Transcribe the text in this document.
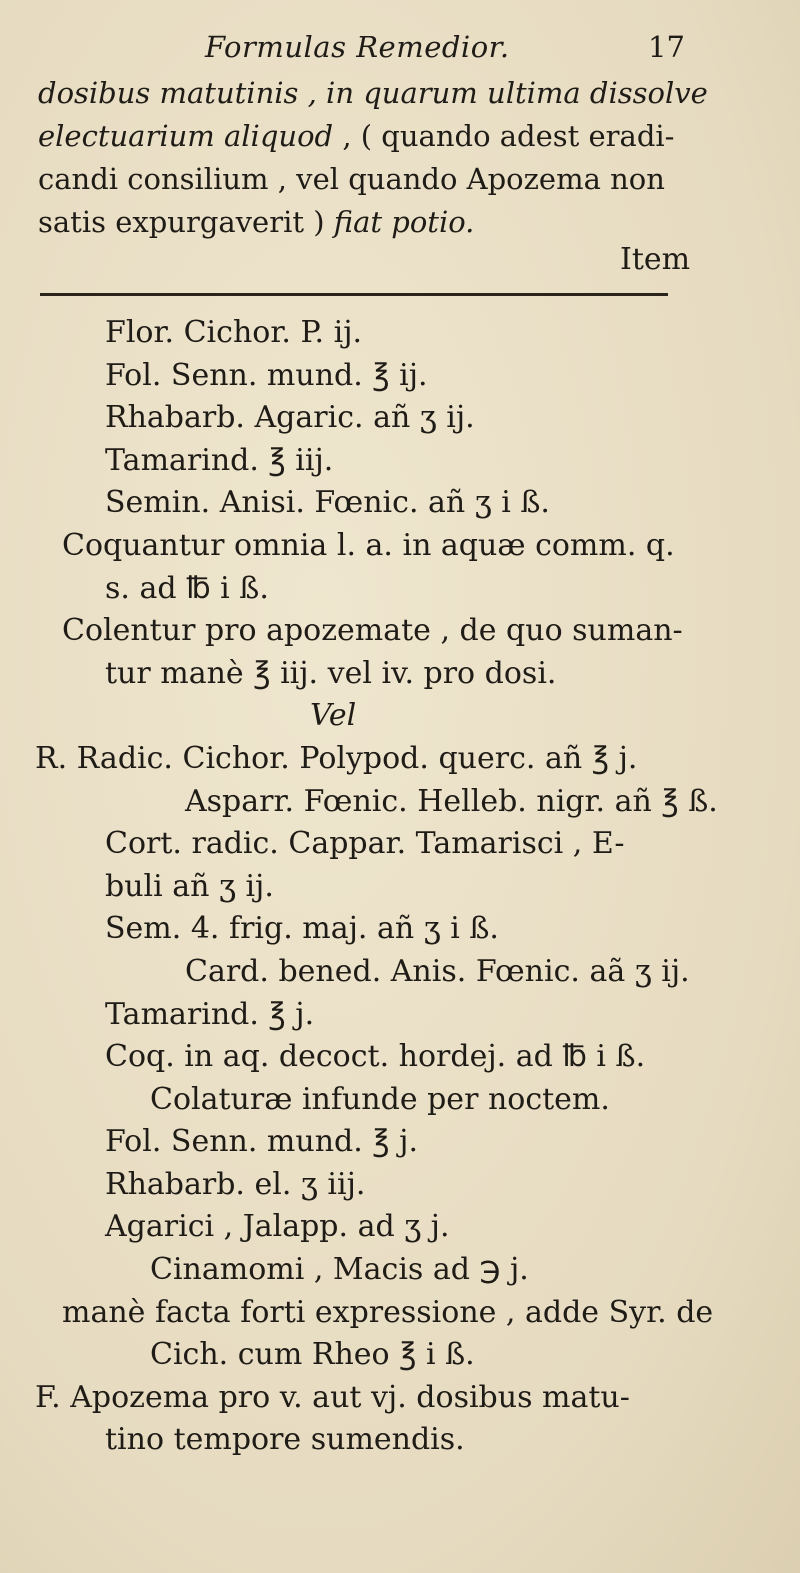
Formulas Remedior.	17
dosibus matutinis , in quarum ultima dissolve
electuarium aliquod , ( quando adest eradi-
candi consilium , vel quando Apozema non
satis expurgaverit ) fiat potio.
Item
Flor. Cichor. P. ij.
Fol. Senn. mund. ℥ ij.
Rhabarb. Agaric. añ ʒ ij.
Tamarind. ℥ iij.
Semin. Anisi. Fœnic. añ ʒ i ß.
Coquantur omnia l. a. in aquæ comm. q.
s. ad ℔ i ß.
Colentur pro apozemate , de quo suman-
tur manè ℥ iij. vel iv. pro dosi.
Vel
R. Radic. Cichor. Polypod. querc. añ ℥ j.
Asparr. Fœnic. Helleb. nigr. añ ℥ ß.
Cort. radic. Cappar. Tamarisci , E-
buli añ ʒ ij.
Sem. 4. frig. maj. añ ʒ i ß.
Card. bened. Anis. Fœnic. aã ʒ ij.
Tamarind. ℥ j.
Coq. in aq. decoct. hordej. ad ℔ i ß.
Colaturæ infunde per noctem.
Fol. Senn. mund. ℥ j.
Rhabarb. el. ʒ iij.
Agarici , Jalapp. ad ʒ j.
Cinamomi , Macis ad ℈ j.
manè facta forti expressione , adde Syr. de
Cich. cum Rheo ℥ i ß.
F. Apozema pro v. aut vj. dosibus matu-
tino tempore sumendis.
